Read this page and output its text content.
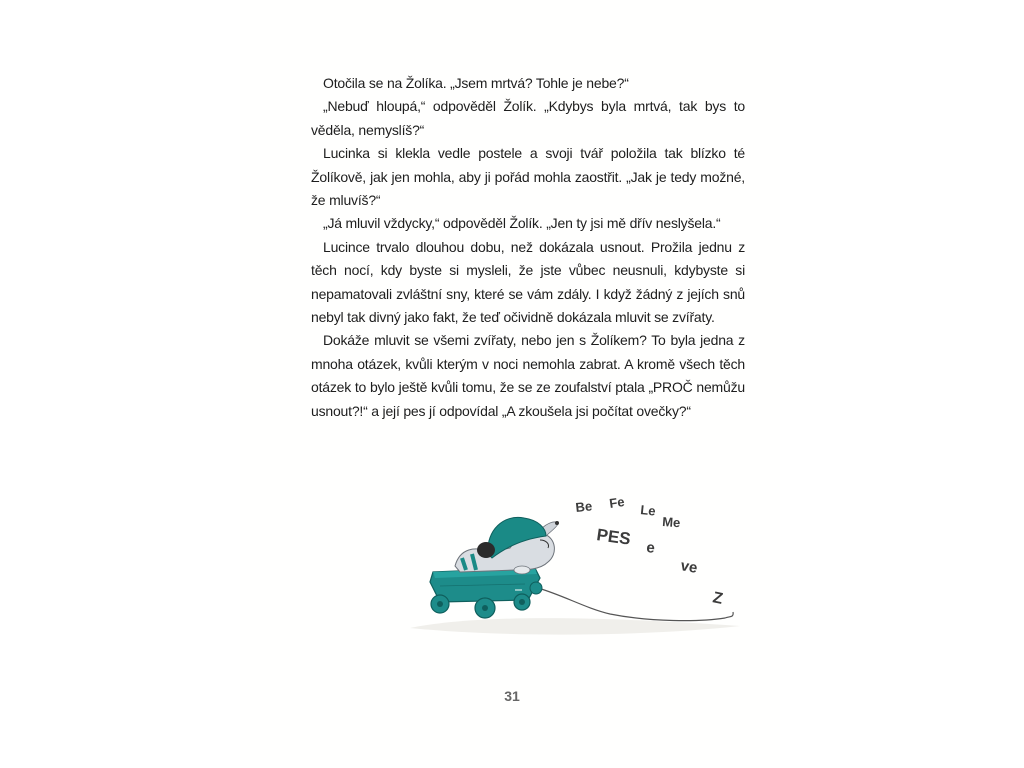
Otočila se na Žolíka. „Jsem mrtvá? Tohle je nebe?“

„Nebuď hloupá,“ odpověděl Žolík. „Kdybys byla mrtvá, tak bys to věděla, nemyslíš?“

Lucinka si klekla vedle postele a svoji tvář položila tak blízko té Žolíkově, jak jen mohla, aby ji pořád mohla zaostřit. „Jak je tedy možné, že mluvíš?“

„Já mluvil vždycky,“ odpověděl Žolík. „Jen ty jsi mě dřív neslyšela.“

Lucince trvalo dlouhou dobu, než dokázala usnout. Prožila jednu z těch nocí, kdy byste si mysleli, že jste vůbec neusnuli, kdybyste si nepamatovali zvláštní sny, které se vám zdály. I když žádný z jejích snů nebyl tak divný jako fakt, že teď očividně dokázala mluvit se zvířaty.

Dokáže mluvit se všemi zvířaty, nebo jen s Žolíkem? To byla jedna z mnoha otázek, kvůli kterým v noci nemohla zabrat. A kromě všech těch otázek to bylo ještě kvůli tomu, že se ze zoufalství ptala „PROČ nemůžu usnout?!“ a její pes jí odpovídal „A zkoušela jsi počítat ovečky?“

Be Fe Le
Me
PES e
ve
Z
31
